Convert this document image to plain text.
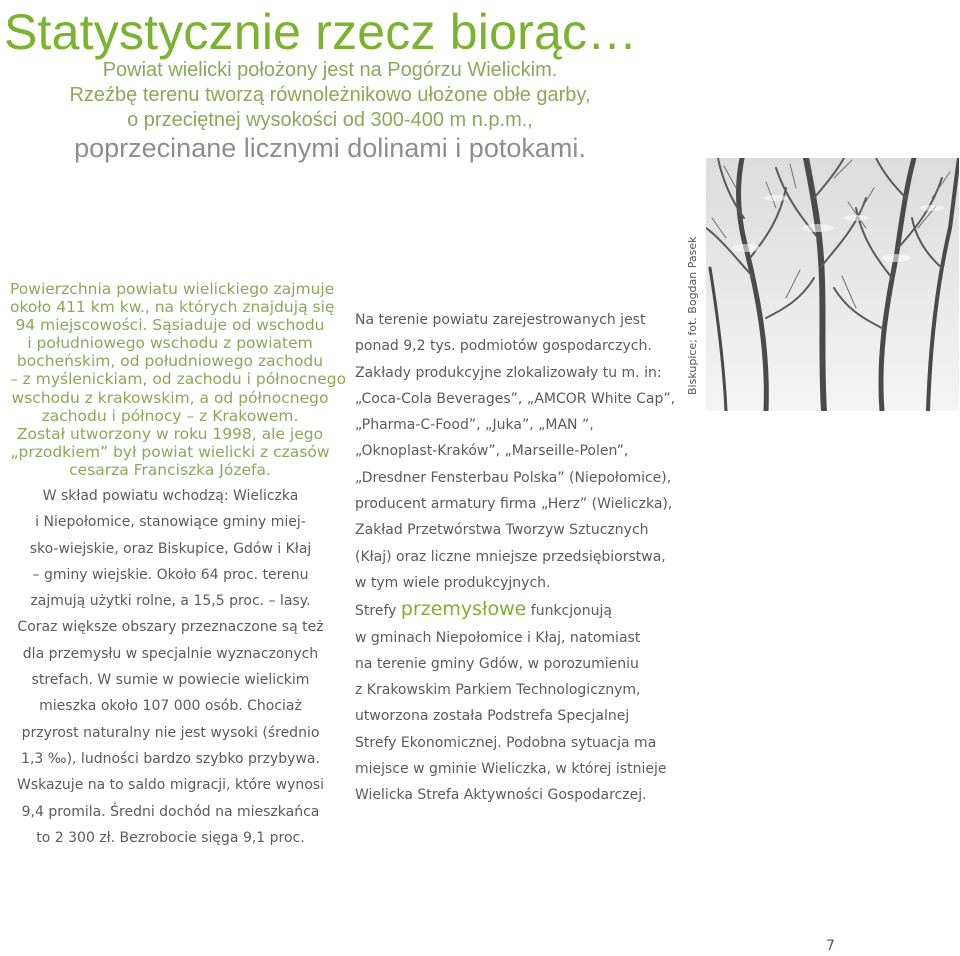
Statystycznie rzecz biorąc…
Powiat wielicki położony jest na Pogórzu Wielickim.
Rzeźbę terenu tworzą równoleżnikowo ułożone obłe garby,
o przeciętnej wysokości od 300-400 m n.p.m.,
poprzecinane licznymi dolinami i potokami.
Powierzchnia powiatu wielickiego zajmuje
około 411 km kw., na których znajdują się
94 miejscowości. Sąsiaduje od wschodu
i południowego wschodu z powiatem
bocheńskim, od południowego zachodu
– z myślenickiam, od zachodu i północnego
wschodu z krakowskim, a od północnego
zachodu i północy – z Krakowem.
Został utworzony w roku 1998, ale jego
„przodkiem” był powiat wielicki z czasów
cesarza Franciszka Józefa.
W skład powiatu wchodzą: Wieliczka
i Niepołomice, stanowiące gminy miej-
sko-wiejskie, oraz Biskupice, Gdów i Kłaj
– gminy wiejskie. Około 64 proc. terenu
zajmują użytki rolne, a 15,5 proc. – lasy.
Coraz większe obszary przeznaczone są też
dla przemysłu w specjalnie wyznaczonych
strefach. W sumie w powiecie wielickim
mieszka około 107 000 osób. Chociaż
przyrost naturalny nie jest wysoki (średnio
1,3 ‰), ludności bardzo szybko przybywa.
Wskazuje na to saldo migracji, które wynosi
9,4 promila. Średni dochód na mieszkańca
to 2 300 zł. Bezrobocie sięga 9,1 proc.
Na terenie powiatu zarejestrowanych jest
ponad 9,2 tys. podmiotów gospodarczych.
Zakłady produkcyjne zlokalizowały tu m. in:
„Coca-Cola Beverages”, „AMCOR White Cap”,
„Pharma-C-Food”, „Juka”, „MAN ”,
„Oknoplast-Kraków”, „Marseille-Polen”,
„Dresdner Fensterbau Polska” (Niepołomice),
producent armatury firma „Herz” (Wieliczka),
Zakład Przetwórstwa Tworzyw Sztucznych
(Kłaj) oraz liczne mniejsze przedsiębiorstwa,
w tym wiele produkcyjnych.
Strefy przemysłowe funkcjonują
w gminach Niepołomice i Kłaj, natomiast
na terenie gminy Gdów, w porozumieniu
z Krakowskim Parkiem Technologicznym,
utworzona została Podstrefa Specjalnej
Strefy Ekonomicznej. Podobna sytuacja ma
miejsce w gminie Wieliczka, w której istnieje
Wielicka Strefa Aktywności Gospodarczej.
Biskupice; fot. Bogdan Pasek
7
